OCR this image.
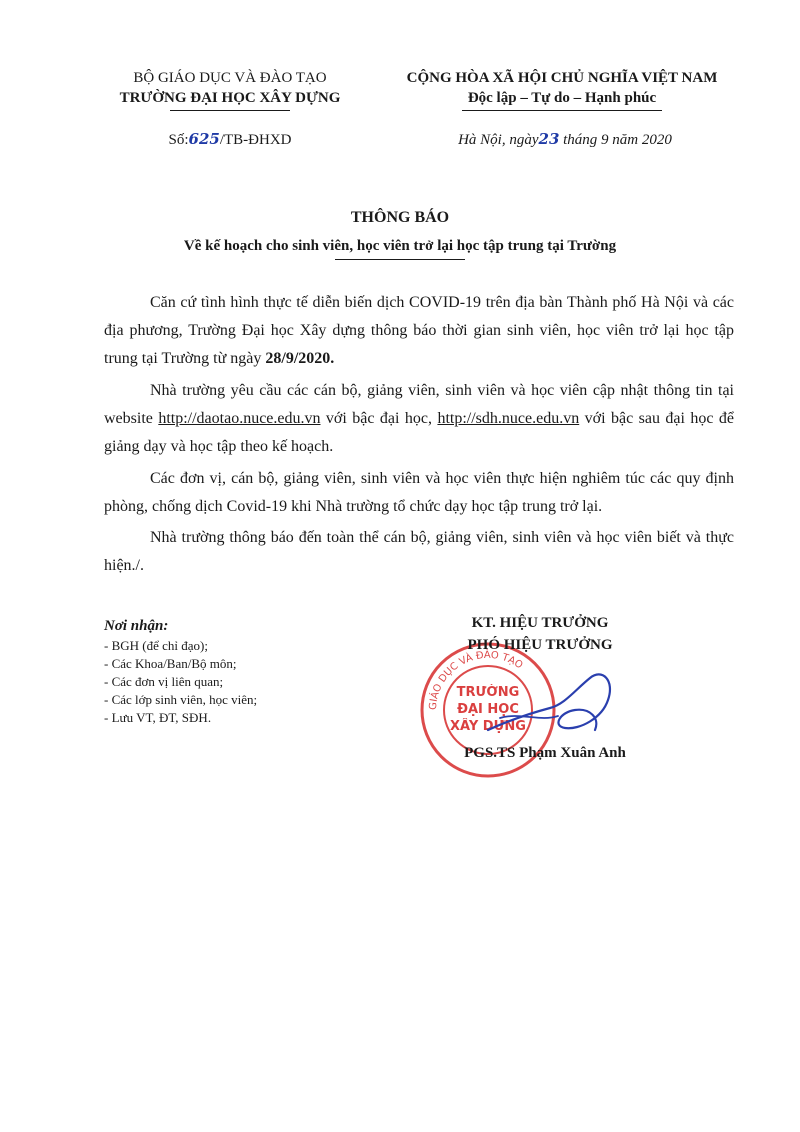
BỘ GIÁO DỤC VÀ ĐÀO TẠO
TRƯỜNG ĐẠI HỌC XÂY DỰNG
Số:625/TB-ĐHXD
CỘNG HÒA XÃ HỘI CHỦ NGHĨA VIỆT NAM
Độc lập – Tự do – Hạnh phúc
Hà Nội, ngày23 tháng 9 năm 2020
THÔNG BÁO
Về kế hoạch cho sinh viên, học viên trở lại học tập trung tại Trường

Căn cứ tình hình thực tế diễn biến dịch COVID-19 trên địa bàn Thành phố Hà Nội và các địa phương, Trường Đại học Xây dựng thông báo thời gian sinh viên, học viên trở lại học tập trung tại Trường từ ngày 28/9/2020.

Nhà trường yêu cầu các cán bộ, giảng viên, sinh viên và học viên cập nhật thông tin tại website http://daotao.nuce.edu.vn với bậc đại học, http://sdh.nuce.edu.vn với bậc sau đại học để giảng dạy và học tập theo kế hoạch.

Các đơn vị, cán bộ, giảng viên, sinh viên và học viên thực hiện nghiêm túc các quy định phòng, chống dịch Covid-19 khi Nhà trường tổ chức dạy học tập trung trở lại.

Nhà trường thông báo đến toàn thể cán bộ, giảng viên, sinh viên và học viên biết và thực hiện./.

Nơi nhận:
- BGH (để chỉ đạo);
- Các Khoa/Ban/Bộ môn;
- Các đơn vị liên quan;
- Các lớp sinh viên, học viên;
- Lưu VT, ĐT, SĐH.
GIÁO DỤC VÀ ĐÀO TẠO
TRƯỜNG
ĐẠI HỌC
XÂY DỰNG
KT. HIỆU TRƯỞNG
PHÓ HIỆU TRƯỞNG
PGS.TS Phạm Xuân Anh
